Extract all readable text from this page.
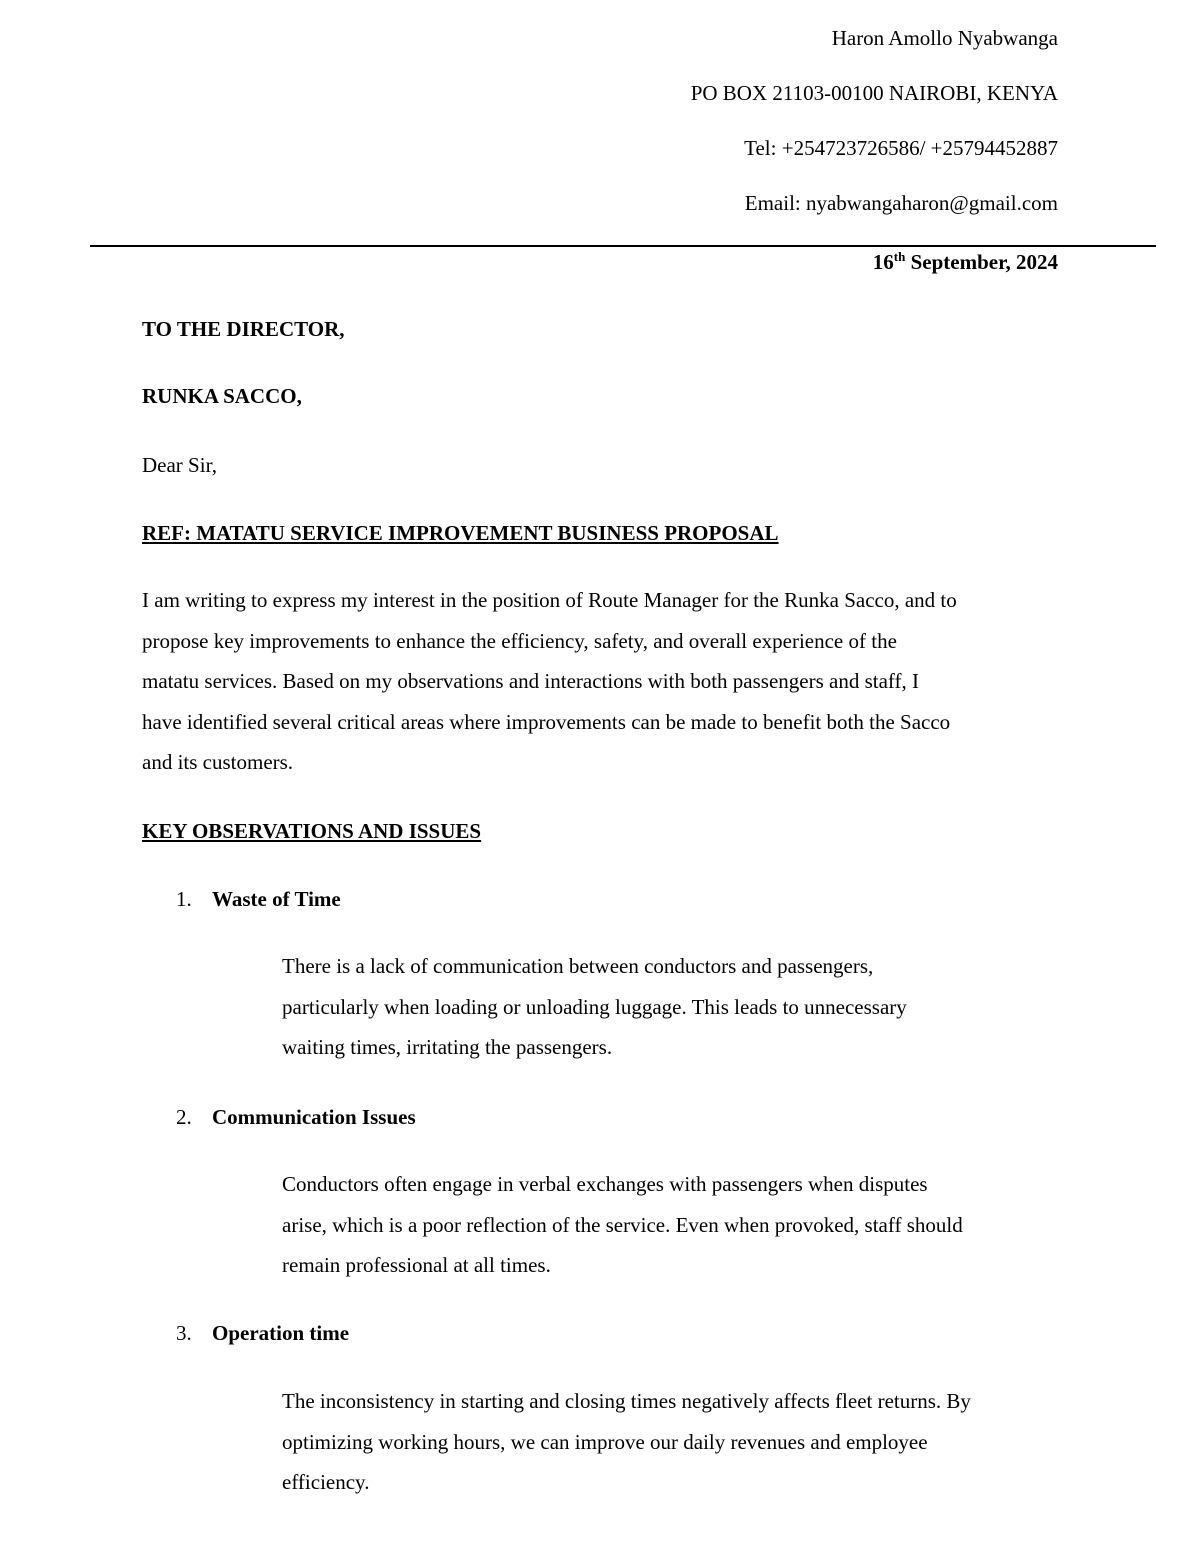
Haron Amollo Nyabwanga
PO BOX 21103-00100 NAIROBI, KENYA
Tel: +254723726586/ +25794452887
Email: nyabwangaharon@gmail.com
16th September, 2024
TO THE DIRECTOR,
RUNKA SACCO,
Dear Sir,
REF: MATATU SERVICE IMPROVEMENT BUSINESS PROPOSAL
I am writing to express my interest in the position of Route Manager for the Runka Sacco, and to
propose key improvements to enhance the efficiency, safety, and overall experience of the
matatu services. Based on my observations and interactions with both passengers and staff, I
have identified several critical areas where improvements can be made to benefit both the Sacco
and its customers.
KEY OBSERVATIONS AND ISSUES
1. Waste of Time
There is a lack of communication between conductors and passengers,
particularly when loading or unloading luggage. This leads to unnecessary
waiting times, irritating the passengers.
2. Communication Issues
Conductors often engage in verbal exchanges with passengers when disputes
arise, which is a poor reflection of the service. Even when provoked, staff should
remain professional at all times.
3. Operation time
The inconsistency in starting and closing times negatively affects fleet returns. By
optimizing working hours, we can improve our daily revenues and employee
efficiency.
